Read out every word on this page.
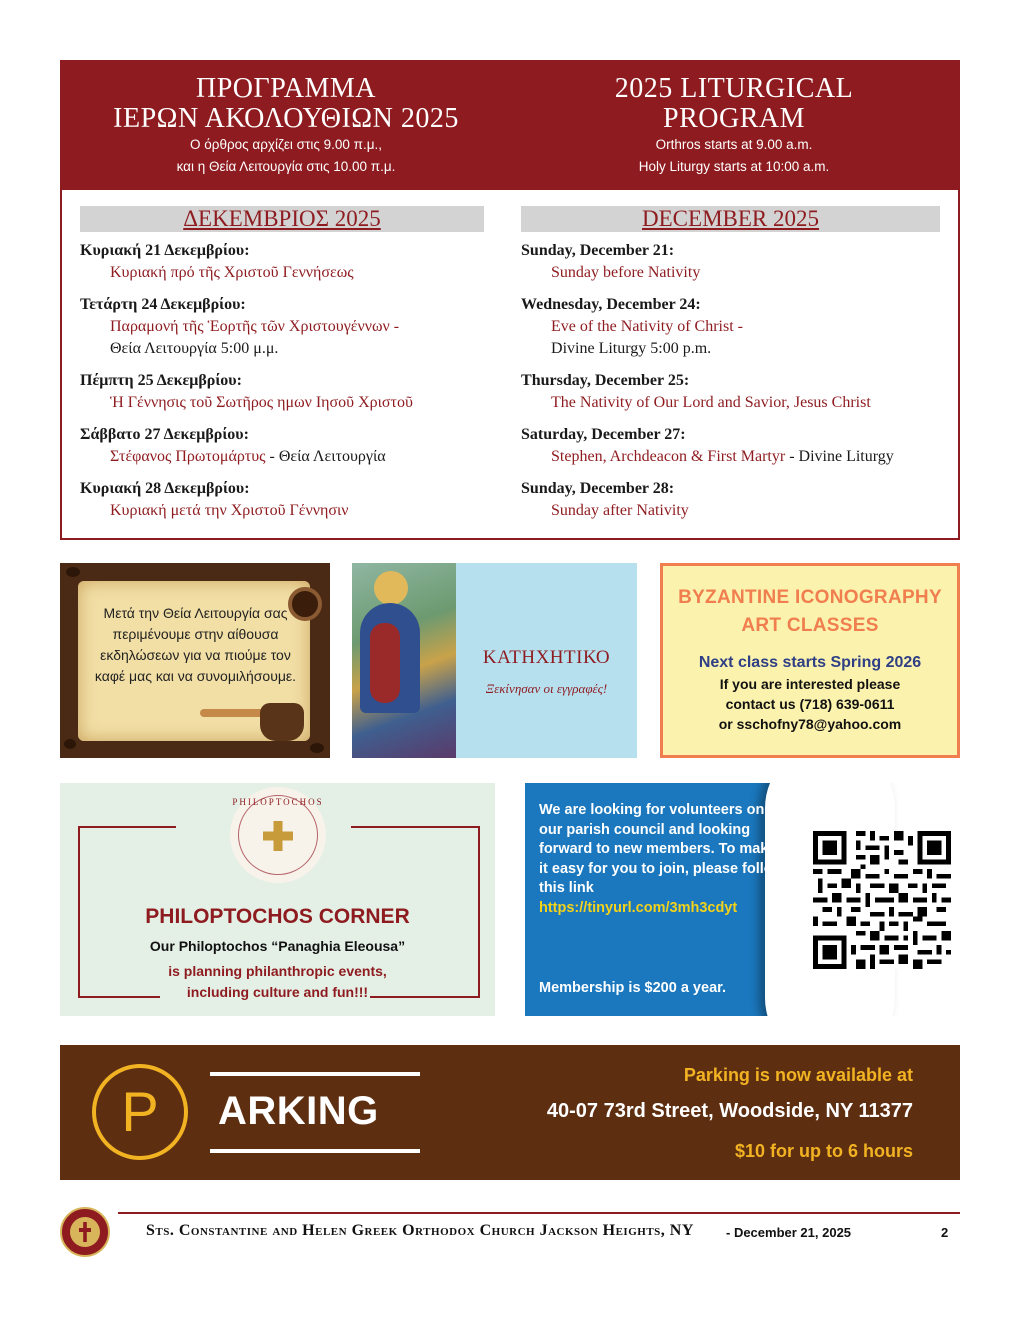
ΠΡΟΓΡΑΜΜΑ
ΙΕΡΩΝ ΑΚΟΛΟΥΘΙΩΝ 2025
Ο όρθρος αρχίζει στις 9.00 π.μ.,
και η Θεία Λειτουργία στις 10.00 π.μ.
2025 LITURGICAL
PROGRAM
Orthros starts at 9.00 a.m.
Holy Liturgy starts at 10:00 a.m.
ΔΕΚΕΜΒΡΙΟΣ 2025
Κυριακή 21 Δεκεμβρίου:
Κυριακή πρό τῆς Χριστοῦ Γεννήσεως
Τετάρτη 24 Δεκεμβρίου:
Παραμονή τῆς Ἑορτῆς τῶν Χριστουγέννων -
Θεία Λειτουργία 5:00 μ.μ.
Πέμπτη 25 Δεκεμβρίου:
Ἡ Γέννησις τοῦ Σωτῆρος ημων Ιησοῦ Χριστοῦ
Σάββατο 27 Δεκεμβρίου:
Στέφανος Πρωτομάρτυς - Θεία Λειτουργία
Κυριακή 28 Δεκεμβρίου:
Κυριακή μετά την Χριστοῦ Γέννησιν
DECEMBER 2025
Sunday, December 21:
Sunday before Nativity
Wednesday, December 24:
Eve of the Nativity of Christ -
Divine Liturgy 5:00 p.m.
Thursday, December 25:
The Nativity of Our Lord and Savior, Jesus Christ
Saturday, December 27:
Stephen, Archdeacon & First Martyr - Divine Liturgy
Sunday, December 28:
Sunday after Nativity
Μετά την Θεία Λειτουργία σας περιμένουμε στην αίθουσα εκδηλώσεων για να πιούμε τον καφέ μας και να συνομιλήσουμε.
ΚΑΤΗΧΗΤΙΚΟ
Ξεκίνησαν οι εγγραφές!
BYZANTINE ICONOGRAPHY
ART CLASSES
Next class starts Spring 2026
If you are interested please
contact us (718) 639-0611
or sschofny78@yahoo.com
PHILOPTOCHOS
PHILOPTOCHOS CORNER
Our Philoptochos “Panaghia Eleousa”
is planning philanthropic events,
including culture and fun!!!
We are looking for volunteers on our parish council and looking forward to new members. To make it easy for you to join, please follow this link
https://tinyurl.com/3mh3cdyt
Membership is $200 a year.
P	ARKING
Parking is now available at
40-07 73rd Street, Woodside, NY 11377
$10 for up to 6 hours
Sts. Constantine and Helen Greek Orthodox Church Jackson Heights, NY - December 21, 2025	2
